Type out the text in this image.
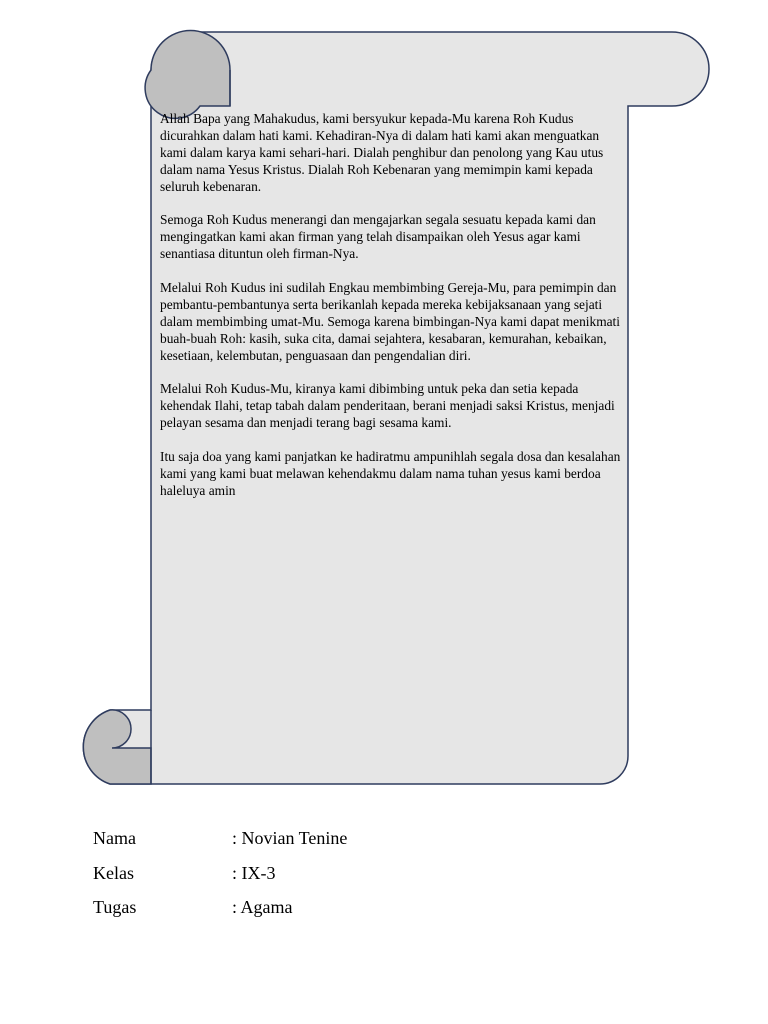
Allah Bapa yang Mahakudus, kami bersyukur kepada-Mu karena Roh Kudus dicurahkan dalam hati kami. Kehadiran-Nya di dalam hati kami akan menguatkan kami dalam karya kami sehari-hari. Dialah penghibur dan penolong yang Kau utus dalam nama Yesus Kristus. Dialah Roh Kebenaran yang memimpin kami kepada seluruh kebenaran.

Semoga Roh Kudus menerangi dan mengajarkan segala sesuatu kepada kami dan mengingatkan kami akan firman yang telah disampaikan oleh Yesus agar kami senantiasa dituntun oleh firman-Nya.

Melalui Roh Kudus ini sudilah Engkau membimbing Gereja-Mu, para pemimpin dan pembantu-pembantunya serta berikanlah kepada mereka kebijaksanaan yang sejati dalam membimbing umat-Mu. Semoga karena bimbingan-Nya kami dapat menikmati buah-buah Roh: kasih, suka cita, damai sejahtera, kesabaran, kemurahan, kebaikan, kesetiaan, kelembutan, penguasaan dan pengendalian diri.

Melalui Roh Kudus-Mu, kiranya kami dibimbing untuk peka dan setia kepada kehendak Ilahi, tetap tabah dalam penderitaan, berani menjadi saksi Kristus, menjadi pelayan sesama dan menjadi terang bagi sesama kami.

Itu saja doa yang kami panjatkan ke hadiratmu ampunihlah segala dosa dan kesalahan kami yang kami buat melawan kehendakmu dalam nama tuhan yesus kami berdoa haleluya amin

Nama	: Novian Tenine
Kelas	: IX-3
Tugas	: Agama
